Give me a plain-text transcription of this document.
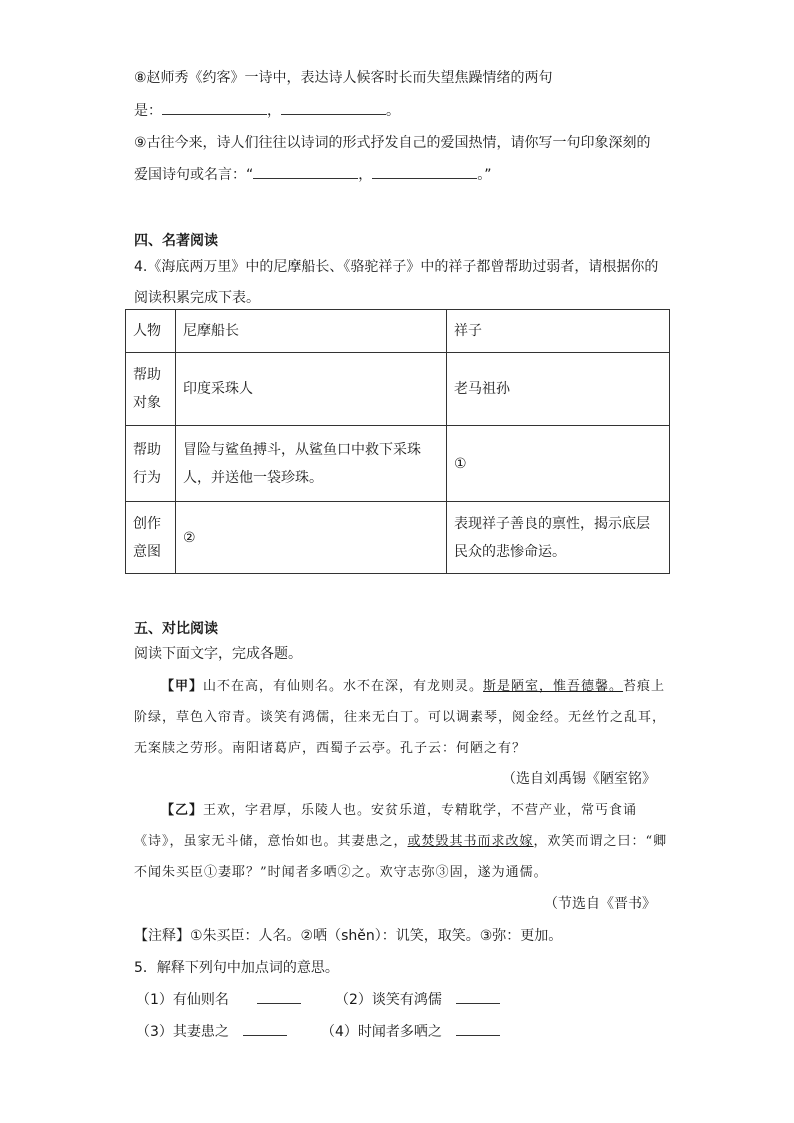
⑧赵师秀《约客》一诗中，表达诗人候客时长而失望焦躁情绪的两句
是：	，	。
⑨古往今来，诗人们往往以诗词的形式抒发自己的爱国热情，请你写一句印象深刻的
爱国诗句或名言：“	，	。”
四、名著阅读
4.《海底两万里》中的尼摩船长、《骆驼祥子》中的祥子都曾帮助过弱者，请根据你的
阅读积累完成下表。
人物	尼摩船长	祥子
帮助对象	印度采珠人	老马祖孙
帮助行为	冒险与鲨鱼搏斗，从鲨鱼口中救下采珠人，并送他一袋珍珠。	①
创作意图	②	表现祥子善良的禀性，揭示底层民众的悲惨命运。
五、对比阅读
阅读下面文字，完成各题。
【甲】山不在高，有仙则名。水不在深，有龙则灵。斯是陋室，惟吾德馨。苔痕上
阶绿，草色入帘青。谈笑有鸿儒，往来无白丁。可以调素琴，阅金经。无丝竹之乱耳，
无案牍之劳形。南阳诸葛庐，西蜀子云亭。孔子云：何陋之有？
（选自刘禹锡《陋室铭》
【乙】王欢，字君厚，乐陵人也。安贫乐道，专精耽学，不营产业，常丐食诵
《诗》，虽家无斗储，意怡如也。其妻患之，或焚毁其书而求改嫁，欢笑而谓之曰：“卿
不闻朱买臣①妻耶？”时闻者多哂②之。欢守志弥③固，遂为通儒。
（节选自《晋书》
【注释】①朱买臣：人名。②哂（shěn）：讥笑，取笑。③弥：更加。
5．解释下列句中加点词的意思。
（1）有仙则名	（2）谈笑有鸿儒
（3）其妻患之	（4）时闻者多哂之
